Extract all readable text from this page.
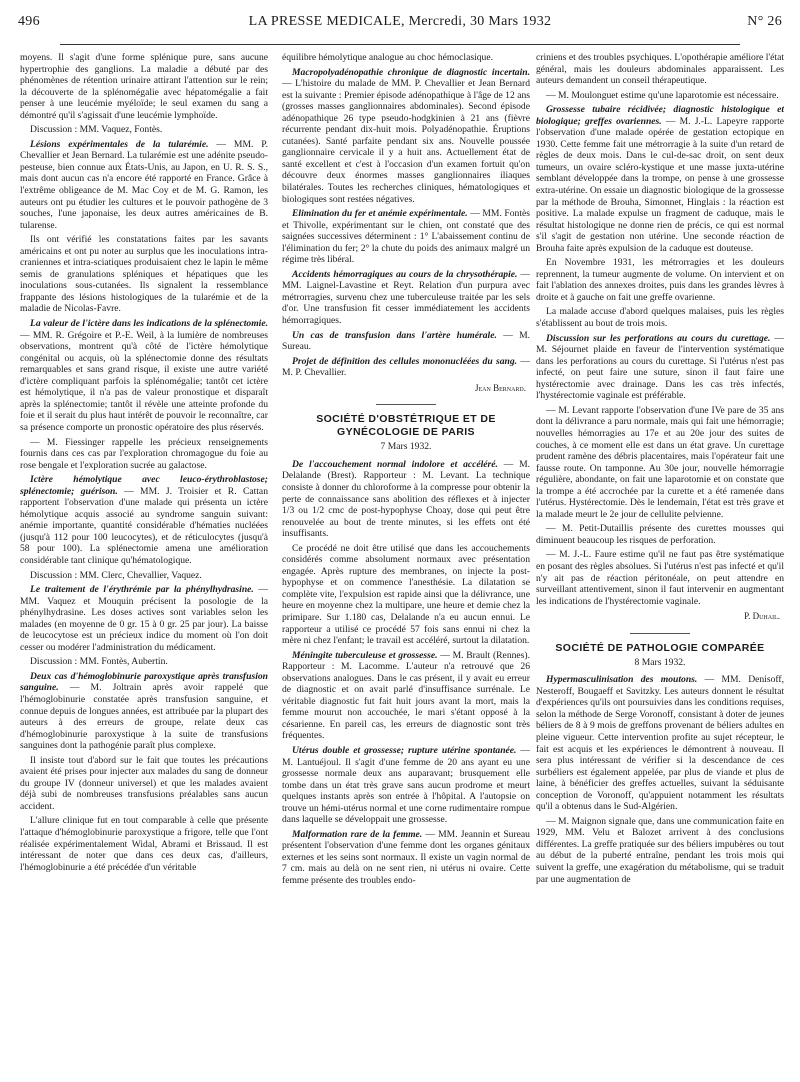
496	LA PRESSE MEDICALE, Mercredi, 30 Mars 1932	N° 26

moyens. Il s'agit d'une forme splénique pure, sans aucune hypertrophie des ganglions. La maladie a débuté par des phénomènes de rétention urinaire attirant l'attention sur le rein; la découverte de la splénomégalie avec hépatomégalie a fait penser à une leucémie myéloïde; le seul examen du sang a démontré qu'il s'agissait d'une leucémie lymphoïde.

Discussion : MM. Vaquez, Fontès.

Lésions expérimentales de la tularémie. — MM. P. Chevallier et Jean Bernard. La tularémie est une adénite pseudo-pesteuse, bien connue aux États-Unis, au Japon, en U. R. S. S., mais dont aucun cas n'a encore été rapporté en France. Grâce à l'extrême obligeance de M. Mac Coy et de M. G. Ramon, les auteurs ont pu étudier les cultures et le pouvoir pathogène de 3 souches, l'une japonaise, les deux autres américaines de B. tularense.

Ils ont vérifié les constatations faites par les savants américains et ont pu noter au surplus que les inoculations intra-craniennes et intra-sciatiques produisaient chez le lapin le même semis de granulations spléniques et hépatiques que les inoculations sous-cutanées. Ils signalent la ressemblance frappante des lésions histologiques de la tularémie et de la maladie de Nicolas-Favre.

La valeur de l'ictère dans les indications de la splénectomie. — MM. R. Grégoire et P.-E. Weil, à la lumière de nombreuses observations, montrent qu'à côté de l'ictère hémolytique congénital ou acquis, où la splénectomie donne des résultats remarquables et sans grand risque, il existe une autre variété d'ictère compliquant parfois la splénomégalie; tantôt cet ictère est hémolytique, il n'a pas de valeur pronostique et disparaît après la splénectomie; tantôt il révèle une atteinte profonde du foie et il serait du plus haut intérêt de pouvoir le reconnaître, car sa présence comporte un pronostic opératoire des plus réservés.

— M. Fiessinger rappelle les précieux renseignements fournis dans ces cas par l'exploration chromagogue du foie au rose bengale et l'exploration sucrée au galactose.

Ictère hémolytique avec leuco-érythroblastose; splénectomie; guérison. — MM. J. Troisier et R. Cattan rapportent l'observation d'une malade qui présenta un ictère hémolytique acquis associé au syndrome sanguin suivant: anémie importante, quantité considérable d'hématies nucléées (jusqu'à 112 pour 100 leucocytes), et de réticulocytes (jusqu'à 58 pour 100). La splénectomie amena une amélioration considérable tant clinique qu'hématologique.

Discussion : MM. Clerc, Chevallier, Vaquez.

Le traitement de l'érythrémie par la phénylhydrasine. — MM. Vaquez et Mouquin précisent la posologie de la phénylhydrasine. Les doses actives sont variables selon les malades (en moyenne de 0 gr. 15 à 0 gr. 25 par jour). La baisse de leucocytose est un précieux indice du moment où l'on doit cesser ou modérer l'administration du médicament.

Discussion : MM. Fontès, Aubertin.

Deux cas d'hémoglobinurie paroxystique après transfusion sanguine. — M. Joltrain après avoir rappelé que l'hémoglobinurie constatée après transfusion sanguine, et connue depuis de longues années, est attribuée par la plupart des auteurs à des erreurs de groupe, relate deux cas d'hémoglobinurie paroxystique à la suite de transfusions sanguines dont la pathogénie paraît plus complexe.

Il insiste tout d'abord sur le fait que toutes les précautions avaient été prises pour injecter aux malades du sang de donneur du groupe IV (donneur universel) et que les malades avaient déjà subi de nombreuses transfusions préalables sans aucun accident.

L'allure clinique fut en tout comparable à celle que présente l'attaque d'hémoglobinurie paroxystique a frigore, telle que l'ont réalisée expérimentalement Widal, Abrami et Brissaud. Il est intéressant de noter que dans ces deux cas, d'ailleurs, l'hémoglobinurie a été précédée d'un véritable

équilibre hémolytique analogue au choc hémoclasique.

Macropolyadénopathie chronique de diagnostic incertain. — L'histoire du malade de MM. P. Chevallier et Jean Bernard est la suivante : Premier épisode adénopathique à l'âge de 12 ans (grosses masses ganglionnaires abdominales). Second épisode adénopathique 26 type pseudo-hodgkinien à 21 ans (fièvre récurrente pendant dix-huit mois. Polyadénopathie. Éruptions cutanées). Santé parfaite pendant six ans. Nouvelle poussée ganglionnaire cervicale il y a huit ans. Actuellement état de santé excellent et c'est à l'occasion d'un examen fortuit qu'on découvre deux énormes masses ganglionnaires iliaques bilatérales. Toutes les recherches cliniques, hématologiques et biologiques sont restées négatives.

Elimination du fer et anémie expérimentale. — MM. Fontès et Thivolle, expérimentant sur le chien, ont constaté que des saignées successives déterminent : 1° L'abaissement continu de l'élimination du fer; 2° la chute du poids des animaux malgré un régime très libéral.

Accidents hémorragiques au cours de la chrysothérapie. — MM. Laignel-Lavastine et Reyt. Relation d'un purpura avec métrorragies, survenu chez une tuberculeuse traitée par les sels d'or. Une transfusion fit cesser immédiatement les accidents hémorragiques.

Un cas de transfusion dans l'artère humérale. — M. Sureau.

Projet de définition des cellules mononucléées du sang. — M. P. Chevallier.

Jean Bernard.

SOCIÉTÉ D'OBSTÉTRIQUE ET DE GYNÉCOLOGIE DE PARIS
7 Mars 1932.

De l'accouchement normal indolore et accéléré. — M. Delalande (Brest). Rapporteur : M. Levant. La technique consiste à donner du chloroforme à la compresse pour obtenir la perte de connaissance sans abolition des réflexes et à injecter 1/3 ou 1/2 cmc de post-hypophyse Choay, dose qui peut être renouvelée au bout de trente minutes, si les effets ont été insuffisants.

Ce procédé ne doit être utilisé que dans les accouchements considérés comme absolument normaux avec présentation engagée. Après rupture des membranes, on injecte la post-hypophyse et on commence l'anesthésie. La dilatation se complète vite, l'expulsion est rapide ainsi que la délivrance, une heure en moyenne chez la multipare, une heure et demie chez la primipare. Sur 1.180 cas, Delalande n'a eu aucun ennui. Le rapporteur a utilisé ce procédé 57 fois sans ennui ni chez la mère ni chez l'enfant; le travail est accéléré, surtout la dilatation.

Méningite tuberculeuse et grossesse. — M. Brault (Rennes). Rapporteur : M. Lacomme. L'auteur n'a retrouvé que 26 observations analogues. Dans le cas présent, il y avait eu erreur de diagnostic et on avait parlé d'insuffisance surrénale. Le véritable diagnostic fut fait huit jours avant la mort, mais la femme mourut non accouchée, le mari s'étant opposé à la césarienne. En pareil cas, les erreurs de diagnostic sont très fréquentes.

Utérus double et grossesse; rupture utérine spontanée. — M. Lantuéjoul. Il s'agit d'une femme de 20 ans ayant eu une grossesse normale deux ans auparavant; brusquement elle tombe dans un état très grave sans aucun prodrome et meurt quelques instants après son entrée à l'hôpital. A l'autopsie on trouve un hémi-utérus normal et une corne rudimentaire rompue dans laquelle se développait une grossesse.

Malformation rare de la femme. — MM. Jeannin et Sureau présentent l'observation d'une femme dont les organes génitaux externes et les seins sont normaux. Il existe un vagin normal de 7 cm. mais au delà on ne sent rien, ni utérus ni ovaire. Cette femme présente des troubles endo-

criniens et des troubles psychiques. L'opothérapie améliore l'état général, mais les douleurs abdominales apparaissent. Les auteurs demandent un conseil thérapeutique.

— M. Moulonguet estime qu'une laparotomie est nécessaire.

Grossesse tubaire récidivée; diagnostic histologique et biologique; greffes ovariennes. — M. J.-L. Lapeyre rapporte l'observation d'une malade opérée de gestation ectopique en 1930. Cette femme fait une métrorragie à la suite d'un retard de règles de deux mois. Dans le cul-de-sac droit, on sent deux tumeurs, un ovaire scléro-kystique et une masse juxta-utérine semblant développée dans la trompe, on pense à une grossesse extra-utérine. On essaie un diagnostic biologique de la grossesse par la méthode de Brouha, Simonnet, Hinglais : la réaction est positive. La malade expulse un fragment de caduque, mais le résultat histologique ne donne rien de précis, ce qui est normal s'il s'agit de gestation non utérine. Une seconde réaction de Brouha faite après expulsion de la caduque est douteuse.

En Novembre 1931, les métrorragies et les douleurs reprennent, la tumeur augmente de volume. On intervient et on fait l'ablation des annexes droites, puis dans les grandes lèvres à droite et à gauche on fait une greffe ovarienne.

La malade accuse d'abord quelques malaises, puis les règles s'établissent au bout de trois mois.

Discussion sur les perforations au cours du curettage. — M. Séjournet plaide en faveur de l'intervention systématique dans les perforations au cours du curettage. Si l'utérus n'est pas infecté, on peut faire une suture, sinon il faut faire une hystérectomie avec drainage. Dans les cas très infectés, l'hystérectomie vaginale est préférable.

— M. Levant rapporte l'observation d'une IVe pare de 35 ans dont la délivrance a paru normale, mais qui fait une hémorragie; nouvelles hémorragies au 17e et au 20e jour des suites de couches, à ce moment elle est dans un état grave. Un curettage prudent ramène des débris placentaires, mais l'opérateur fait une fausse route. On tamponne. Au 30e jour, nouvelle hémorragie régulière, abondante, on fait une laparotomie et on constate que la trompe a été accrochée par la curette et a été ramenée dans l'utérus. Hystérectomie. Dès le lendemain, l'état est très grave et la malade meurt le 2e jour de cellulite pelvienne.

— M. Petit-Dutaillis présente des curettes mousses qui diminuent beaucoup les risques de perforation.

— M. J.-L. Faure estime qu'il ne faut pas être systématique en posant des règles absolues. Si l'utérus n'est pas infecté et qu'il n'y ait pas de réaction péritonéale, on peut attendre en surveillant attentivement, sinon il faut intervenir en augmentant les indications de l'hystérectomie vaginale.

P. Duhail.

SOCIÉTÉ DE PATHOLOGIE COMPARÉE
8 Mars 1932.

Hypermasculinisation des moutons. — MM. Denisoff, Nesteroff, Bougaeff et Savitzky. Les auteurs donnent le résultat d'expériences qu'ils ont poursuivies dans les conditions requises, selon la méthode de Serge Voronoff, consistant à doter de jeunes béliers de 8 à 9 mois de greffons provenant de béliers adultes en pleine vigueur. Cette intervention profite au sujet récepteur, le fait est acquis et les expériences le démontrent à nouveau. Il sera plus intéressant de vérifier si la descendance de ces surbéliers est également appelée, par plus de viande et plus de laine, à bénéficier des greffes actuelles, suivant la séduisante conception de Voronoff, qu'appuient notamment les résultats qu'il a obtenus dans le Sud-Algérien.

— M. Maignon signale que, dans une communication faite en 1929, MM. Velu et Balozet arrivent à des conclusions différentes. La greffe pratiquée sur des béliers impubères ou tout au début de la puberté entraîne, pendant les trois mois qui suivent la greffe, une exagération du métabolisme, qui se traduit par une augmentation de
